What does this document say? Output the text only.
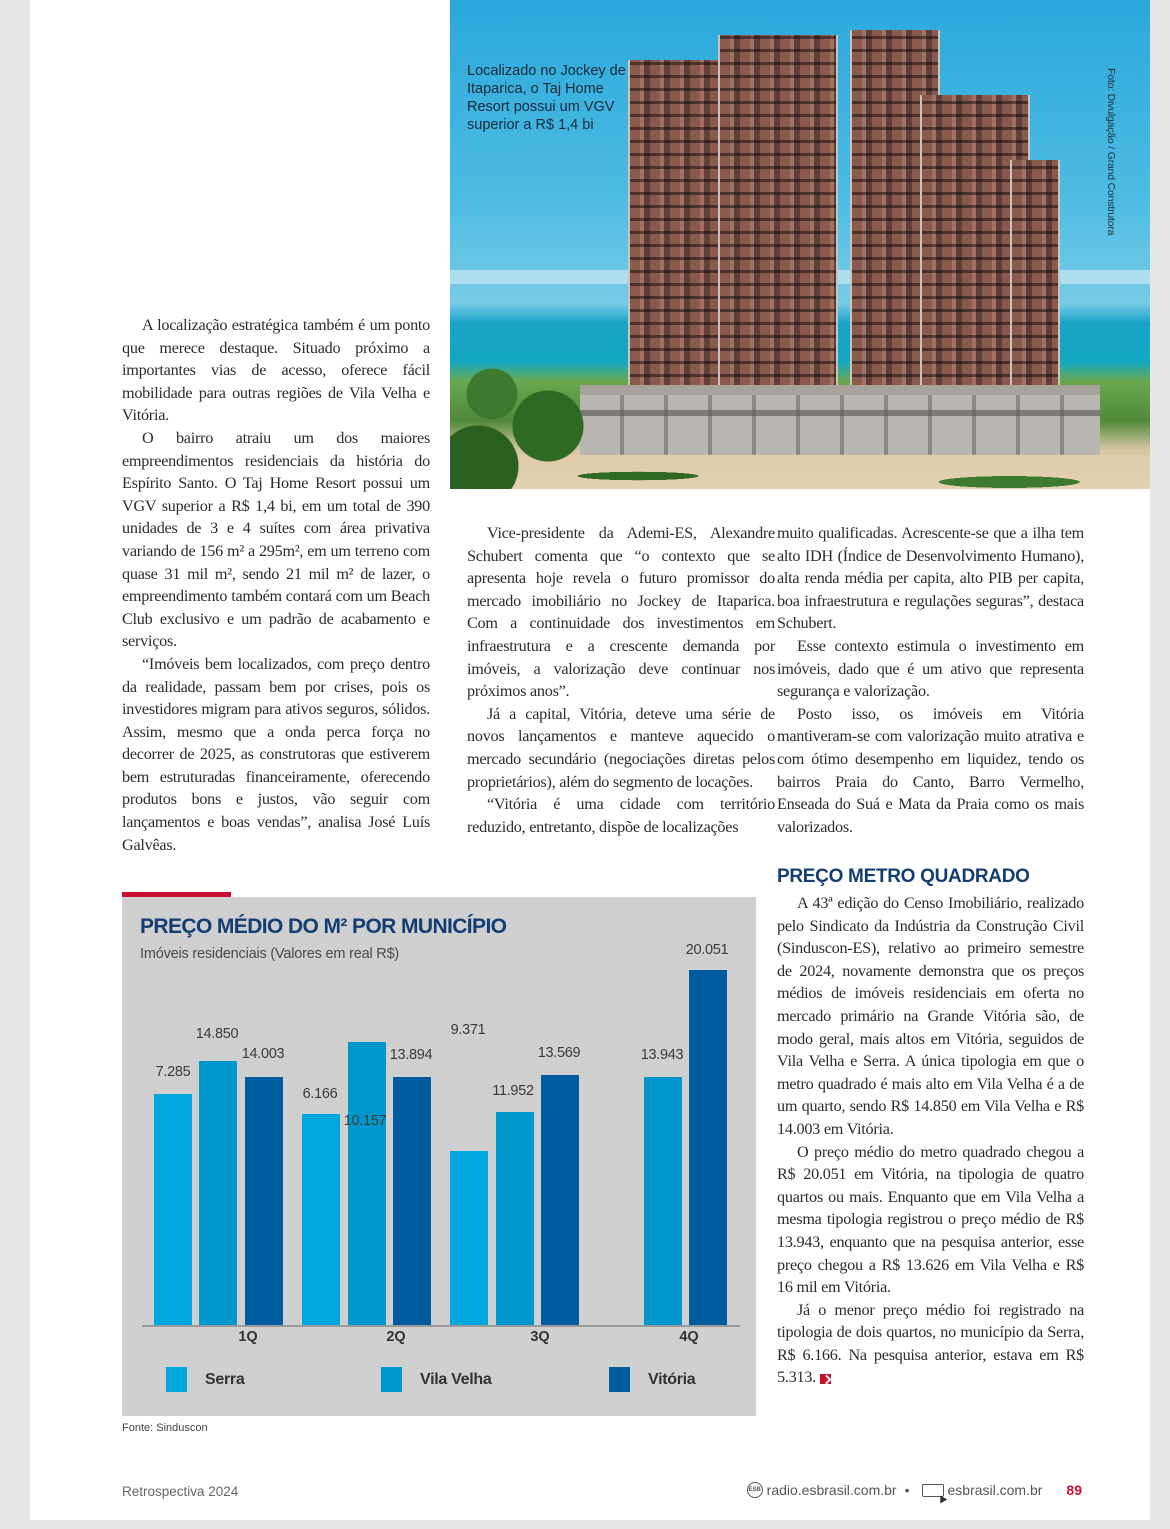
Localizado no Jockey de Itaparica, o Taj Home Resort possui um VGV superior a R$ 1,4 bi	Foto: Divulgação / Grand Construtora

A localização estratégica também é um ponto que merece destaque. Situado próximo a importantes vias de acesso, oferece fácil mobilidade para outras regiões de Vila Velha e Vitória.

O bairro atraiu um dos maiores empreendimentos residenciais da história do Espírito Santo. O Taj Home Resort possui um VGV superior a R$ 1,4 bi, em um total de 390 unidades de 3 e 4 suítes com área privativa variando de 156 m² a 295m², em um terreno com quase 31 mil m², sendo 21 mil m² de lazer, o empreendimento também contará com um Beach Club exclusivo e um padrão de acabamento e serviços.

“Imóveis bem localizados, com preço dentro da realidade, passam bem por crises, pois os investidores migram para ativos seguros, sólidos. Assim, mesmo que a onda perca força no decorrer de 2025, as construtoras que estiverem bem estruturadas financeiramente, oferecendo produtos bons e justos, vão seguir com lançamentos e boas vendas”, analisa José Luís Galvêas.

Vice-presidente da Ademi-ES, Alexandre Schubert comenta que “o contexto que se apresenta hoje revela o futuro promissor do mercado imobiliário no Jockey de Itaparica. Com a continuidade dos investimentos em infraestrutura e a crescente demanda por imóveis, a valorização deve continuar nos próximos anos”.

Já a capital, Vitória, deteve uma série de novos lançamentos e manteve aquecido o mercado secundário (negociações diretas pelos proprietários), além do segmento de locações.

“Vitória é uma cidade com território reduzido, entretanto, dispõe de localizações

muito qualificadas. Acrescente-se que a ilha tem alto IDH (Índice de Desenvolvimento Humano), alta renda média per capita, alto PIB per capita, boa infraestrutura e regulações seguras”, destaca Schubert.

Esse contexto estimula o investimento em imóveis, dado que é um ativo que representa segurança e valorização.

Posto isso, os imóveis em Vitória mantiveram-se com valorização muito atrativa e com ótimo desempenho em liquidez, tendo os bairros Praia do Canto, Barro Vermelho, Enseada do Suá e Mata da Praia como os mais valorizados.

PREÇO METRO QUADRADO

A 43ª edição do Censo Imobiliário, realizado pelo Sindicato da Indústria da Construção Civil (Sinduscon-ES), relativo ao primeiro semestre de 2024, novamente demonstra que os preços médios de imóveis residenciais em oferta no mercado primário na Grande Vitória são, de modo geral, mais altos em Vitória, seguidos de Vila Velha e Serra. A única tipologia em que o metro quadrado é mais alto em Vila Velha é a de um quarto, sendo R$ 14.850 em Vila Velha e R$ 14.003 em Vitória.

O preço médio do metro quadrado chegou a R$ 20.051 em Vitória, na tipologia de quatro quartos ou mais. Enquanto que em Vila Velha a mesma tipologia registrou o preço médio de R$ 13.943, enquanto que na pesquisa anterior, esse preço chegou a R$ 13.626 em Vila Velha e R$ 16 mil em Vitória.

Já o menor preço médio foi registrado na tipologia de dois quartos, no município da Serra, R$ 6.166. Na pesquisa anterior, estava em R$ 5.313.

PREÇO MÉDIO DO M² POR MUNICÍPIO
Imóveis residenciais (Valores em real R$)
7.285
14.850
14.003
6.166
10.157
13.894
9.371
11.952
13.569	13.943
20.051
1Q	2Q	3Q	4Q
Serra	Vila Velha	Vitória
Fonte: Sinduscon
Retrospectiva 2024	ESB radio.esbrasil.com.br •	esbrasil.com.br 89
